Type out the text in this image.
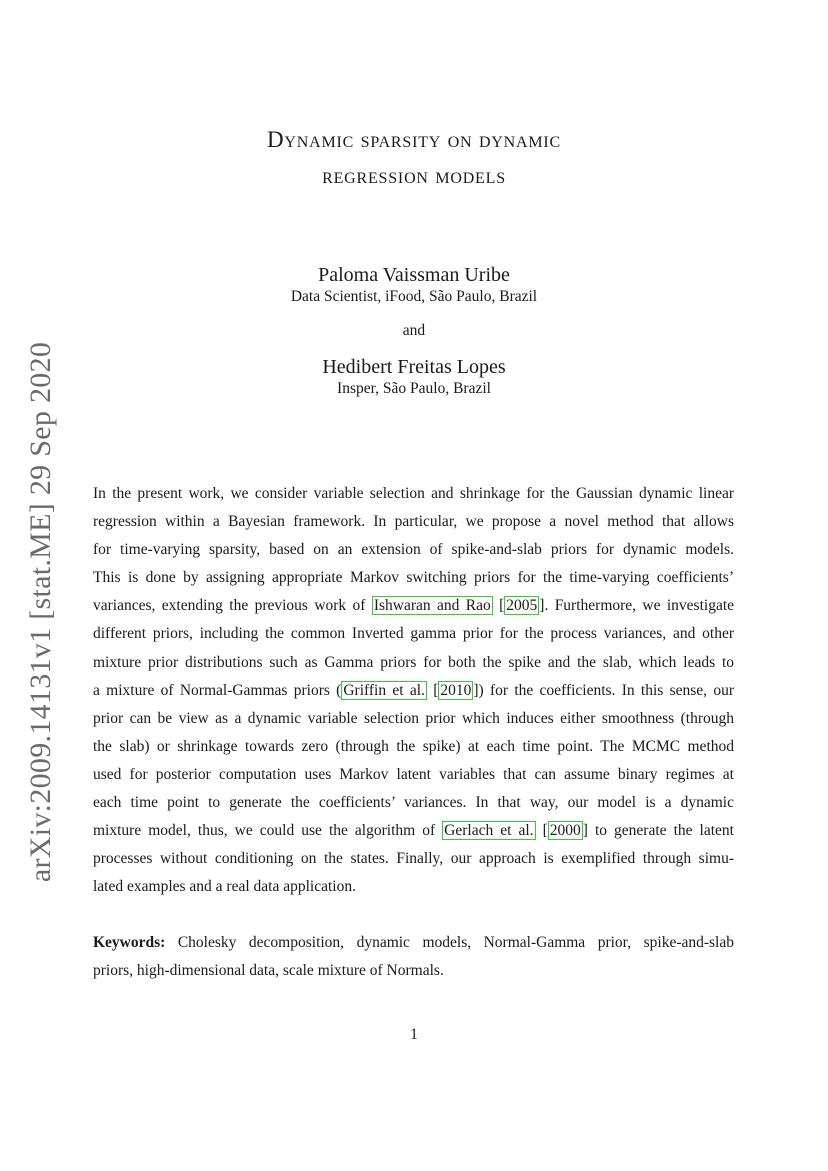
arXiv:2009.14131v1 [stat.ME] 29 Sep 2020
Dynamic sparsity on dynamic
regression models
Paloma Vaissman Uribe
Data Scientist, iFood, São Paulo, Brazil
and
Hedibert Freitas Lopes
Insper, São Paulo, Brazil
In the present work, we consider variable selection and shrinkage for the Gaussian dynamic linear
regression within a Bayesian framework. In particular, we propose a novel method that allows
for time-varying sparsity, based on an extension of spike-and-slab priors for dynamic models.
This is done by assigning appropriate Markov switching priors for the time-varying coefficients’
variances, extending the previous work of Ishwaran and Rao [ 2005 ]. Furthermore, we investigate
different priors, including the common Inverted gamma prior for the process variances, and other
mixture prior distributions such as Gamma priors for both the spike and the slab, which leads to
a mixture of Normal-Gammas priors ( Griffin et al. [ 2010 ]) for the coefficients. In this sense, our
prior can be view as a dynamic variable selection prior which induces either smoothness (through
the slab) or shrinkage towards zero (through the spike) at each time point. The MCMC method
used for posterior computation uses Markov latent variables that can assume binary regimes at
each time point to generate the coefficients’ variances. In that way, our model is a dynamic
mixture model, thus, we could use the algorithm of Gerlach et al. [ 2000 ] to generate the latent
processes without conditioning on the states. Finally, our approach is exemplified through simu-
lated examples and a real data application.
Keywords: Cholesky decomposition, dynamic models, Normal-Gamma prior, spike-and-slab
priors, high-dimensional data, scale mixture of Normals.
1
